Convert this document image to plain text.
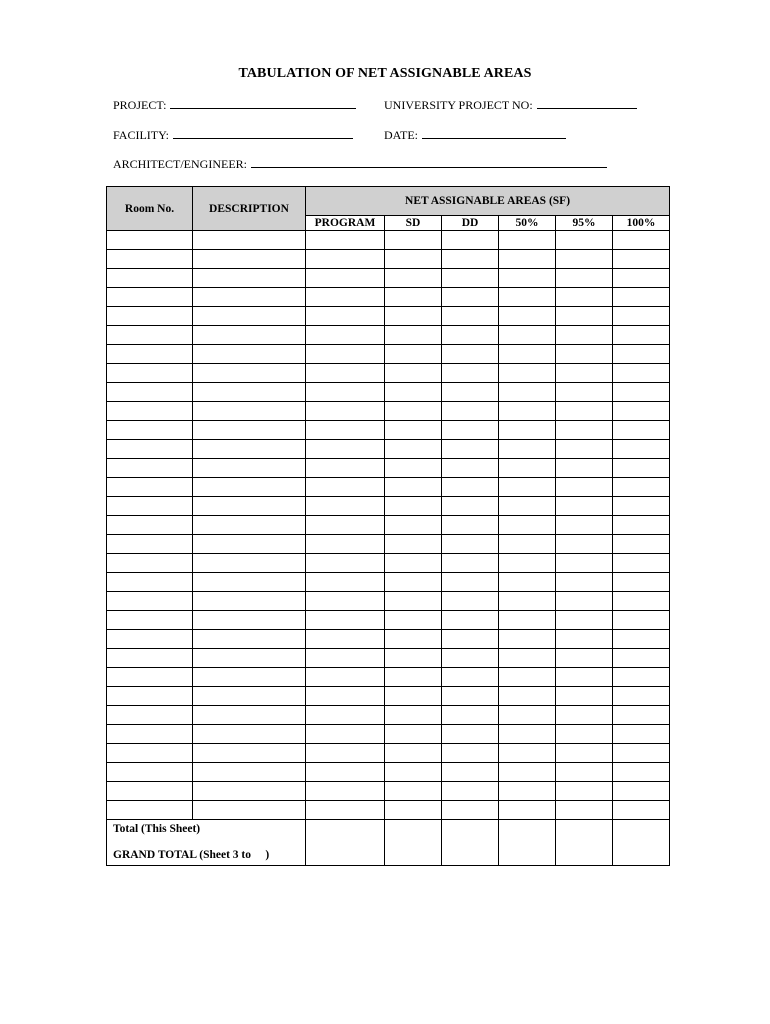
TABULATION OF NET ASSIGNABLE AREAS
PROJECT:	UNIVERSITY PROJECT NO:
FACILITY:	DATE:
ARCHITECT/ENGINEER:
Room No.	DESCRIPTION	NET ASSIGNABLE AREAS (SF)					
		PROGRAM	SD	DD	50%	95%	100%

Total (This Sheet)
GRAND TOTAL (Sheet 3 to     )							
